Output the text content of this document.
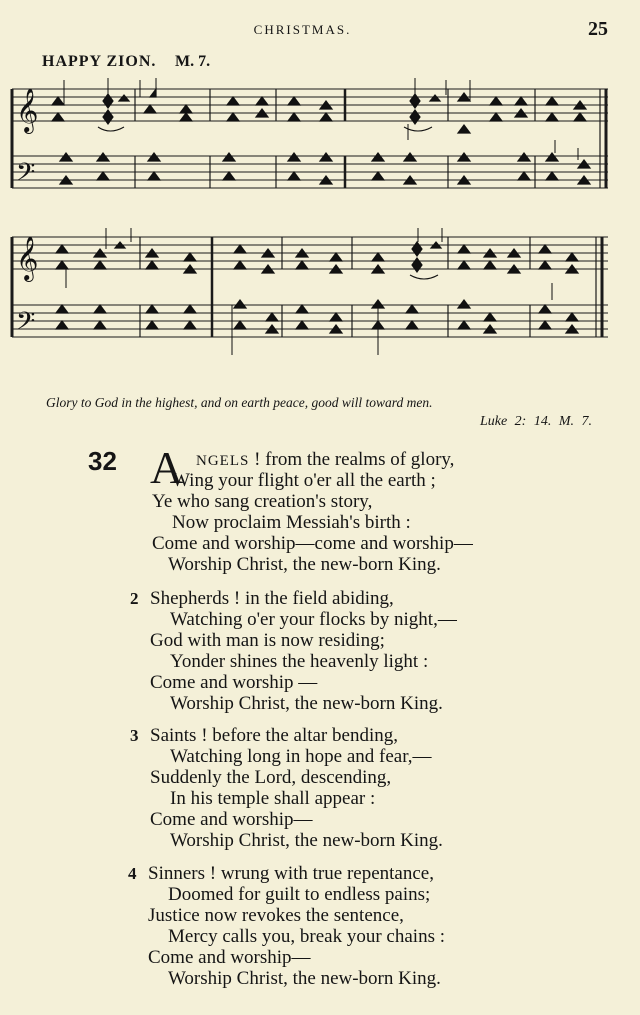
CHRISTMAS.	25
HAPPY ZION. M. 7.
𝄞
𝄢
𝄞
𝄢
Glory to God in the highest, and on earth peace, good will toward men.
Luke 2: 14. M. 7.
32 A NGELS ! from the realms of glory,
Wing your flight o'er all the earth ;
Ye who sang creation's story,
Now proclaim Messiah's birth :
Come and worship—come and worship—
Worship Christ, the new-born King.
2 Shepherds ! in the field abiding,
Watching o'er your flocks by night,—
God with man is now residing;
Yonder shines the heavenly light :
Come and worship —
Worship Christ, the new-born King.
3 Saints ! before the altar bending,
Watching long in hope and fear,—
Suddenly the Lord, descending,
In his temple shall appear :
Come and worship—
Worship Christ, the new-born King.
4 Sinners ! wrung with true repentance,
Doomed for guilt to endless pains;
Justice now revokes the sentence,
Mercy calls you, break your chains :
Come and worship—
Worship Christ, the new-born King.
